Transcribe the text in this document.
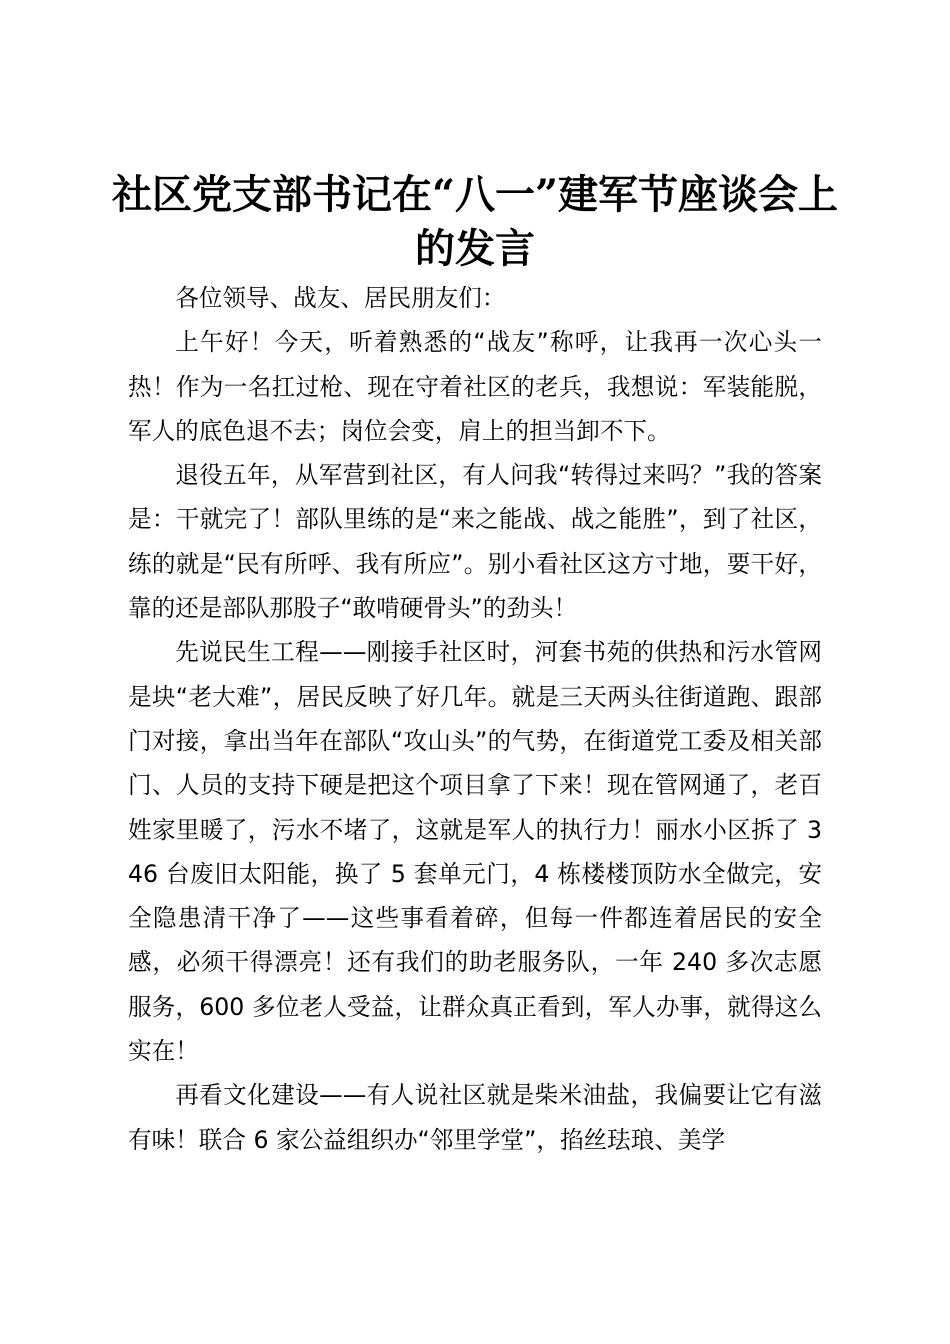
社区党支部书记在“八一”建军节座谈会上的发言

各位领导、战友、居民朋友们：

上午好！今天，听着熟悉的“战友”称呼，让我再一次心头一热！作为一名扛过枪、现在守着社区的老兵，我想说：军装能脱，军人的底色退不去；岗位会变，肩上的担当卸不下。

退役五年，从军营到社区，有人问我“转得过来吗？”我的答案是：干就完了！部队里练的是“来之能战、战之能胜”，到了社区，练的就是“民有所呼、我有所应”。别小看社区这方寸地，要干好，靠的还是部队那股子“敢啃硬骨头”的劲头！

先说民生工程——刚接手社区时，河套书苑的供热和污水管网是块“老大难”，居民反映了好几年。就是三天两头往街道跑、跟部门对接，拿出当年在部队“攻山头”的气势，在街道党工委及相关部门、人员的支持下硬是把这个项目拿了下来！现在管网通了，老百姓家里暖了，污水不堵了，这就是军人的执行力！丽水小区拆了 346 台废旧太阳能，换了 5 套单元门，4 栋楼楼顶防水全做完，安全隐患清干净了——这些事看着碎，但每一件都连着居民的安全感，必须干得漂亮！还有我们的助老服务队，一年 240 多次志愿服务，600 多位老人受益，让群众真正看到，军人办事，就得这么实在！

再看文化建设——有人说社区就是柴米油盐，我偏要让它有滋有味！联合 6 家公益组织办“邻里学堂”，掐丝珐琅、美学
